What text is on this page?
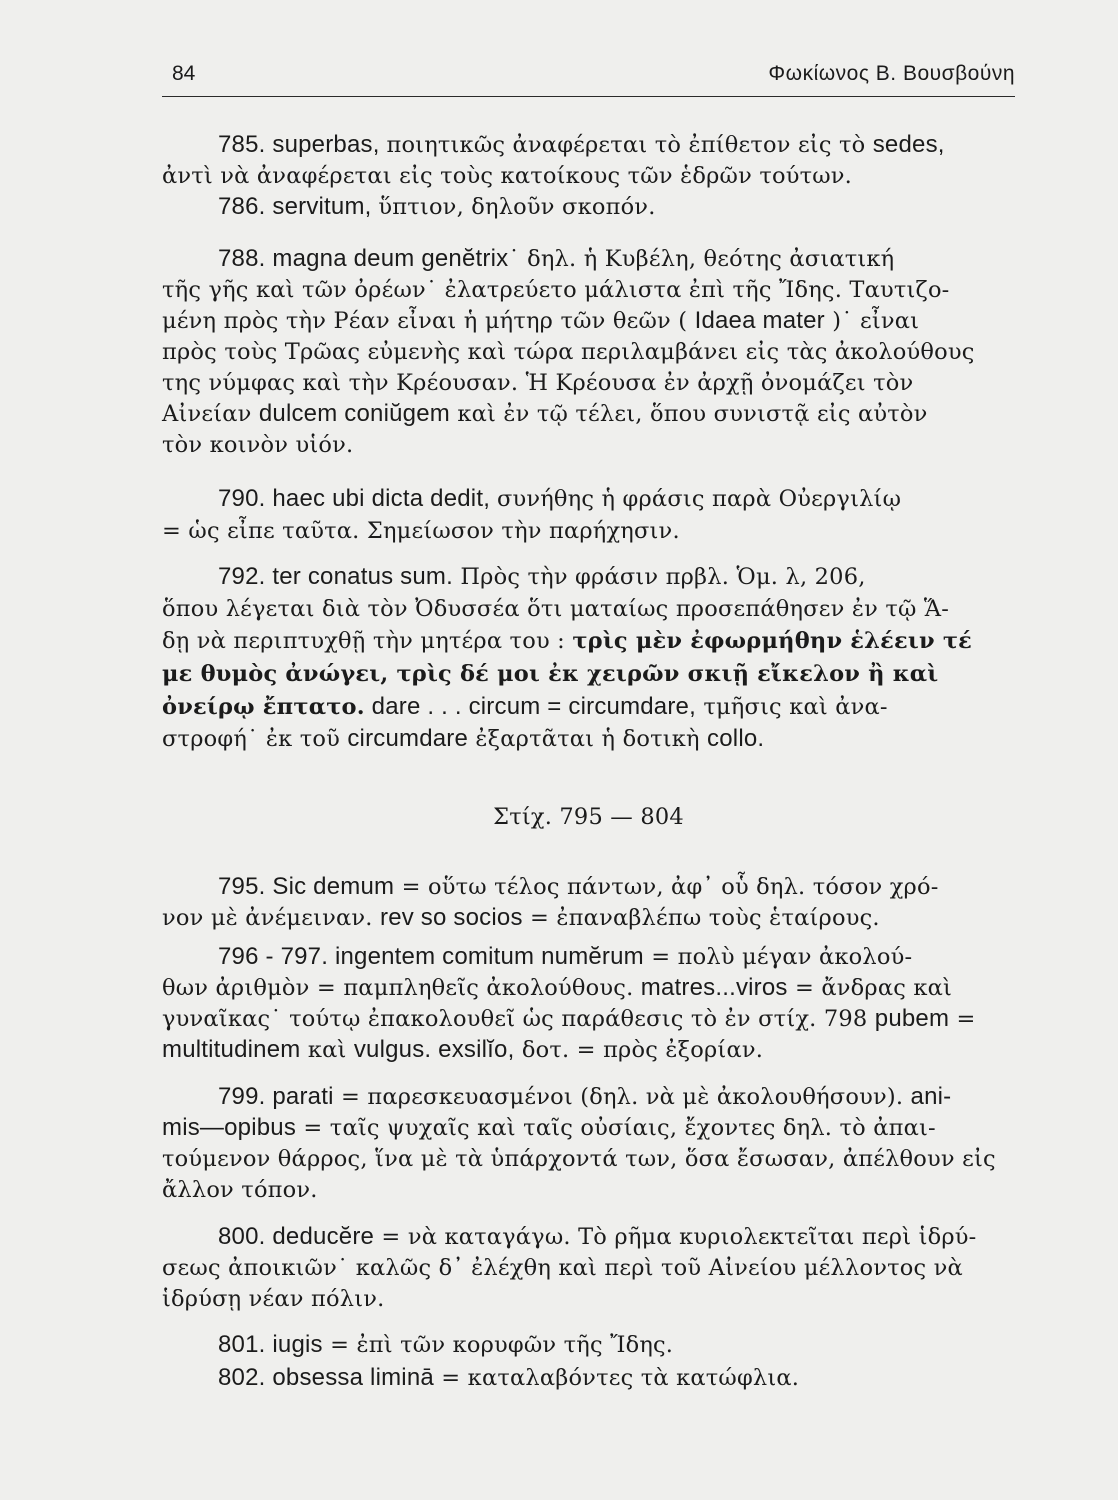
84	Φωκίωνος Β. Βουσβούνη
785. superbas, ποιητικῶς ἀναφέρεται τὸ ἐπίθετον εἰς τὸ sedes,
ἀντὶ νὰ ἀναφέρεται εἰς τοὺς κατοίκους τῶν ἑδρῶν τούτων.
786. servitum, ὕπτιον, δηλοῦν σκοπόν.
788. magna deum genĕtrix˙ δηλ. ἡ Κυβέλη, θεότης ἀσιατική
τῆς γῆς καὶ τῶν ὀρέων˙ ἐλατρεύετο μάλιστα ἐπὶ τῆς Ἴδης. Ταυτιζο-
μένη πρὸς τὴν Ρέαν εἶναι ἡ μήτηρ τῶν θεῶν ( Idaea mater )˙ εἶναι
πρὸς τοὺς Τρῶας εὐμενὴς καὶ τώρα περιλαμβάνει εἰς τὰς ἀκολούθους
της νύμφας καὶ τὴν Κρέουσαν. Ἡ Κρέουσα ἐν ἀρχῇ ὀνομάζει τὸν
Αἰνείαν dulcem coniŭgem καὶ ἐν τῷ τέλει, ὅπου συνιστᾷ εἰς αὐτὸν
τὸν κοινὸν υἱόν.
790. haec ubi dicta dedit, συνήθης ἡ φράσις παρὰ Οὐεργιλίῳ
= ὡς εἶπε ταῦτα. Σημείωσον τὴν παρήχησιν.
792. ter conatus sum. Πρὸς τὴν φράσιν πρβλ. Ὁμ. λ, 206,
ὅπου λέγεται διὰ τὸν Ὀδυσσέα ὅτι ματαίως προσεπάθησεν ἐν τῷ Ἅ-
δῃ νὰ περιπτυχθῇ τὴν μητέρα του : τρὶς μὲν ἐφωρμήθην ἑλέειν τέ
με θυμὸς ἀνώγει, τρὶς δέ μοι ἐκ χειρῶν σκιῇ εἴκελον ἢ καὶ
ὀνείρῳ ἔπτατο. dare . . . circum = circumdare, τμῆσις καὶ ἀνα-
στροφή˙ ἐκ τοῦ circumdare ἐξαρτᾶται ἡ δοτικὴ collo.
Στίχ. 795 — 804
795. Sic demum = οὕτω τέλος πάντων, ἀφ᾽ οὗ δηλ. τόσον χρό-
νον μὲ ἀνέμειναν. rev so socios = ἐπαναβλέπω τοὺς ἑταίρους.
796 - 797. ingentem comitum numĕrum = πολὺ μέγαν ἀκολού-
θων ἀριθμὸν = παμπληθεῖς ἀκολούθους. matres...viros = ἄνδρας καὶ
γυναῖκας˙ τούτῳ ἐπακολουθεῖ ὡς παράθεσις τὸ ἐν στίχ. 798 pubem =
multitudinem καὶ vulgus. exsilĭo, δοτ. = πρὸς ἐξορίαν.
799. parati = παρεσκευασμένοι (δηλ. νὰ μὲ ἀκολουθήσουν). ani-
mis—opibus = ταῖς ψυχαῖς καὶ ταῖς οὐσίαις, ἔχοντες δηλ. τὸ ἀπαι-
τούμενον θάρρος, ἵνα μὲ τὰ ὑπάρχοντά των, ὅσα ἔσωσαν, ἀπέλθουν εἰς
ἄλλον τόπον.
800. deducĕre = νὰ καταγάγω. Τὸ ρῆμα κυριολεκτεῖται περὶ ἱδρύ-
σεως ἀποικιῶν˙ καλῶς δ᾽ ἐλέχθη καὶ περὶ τοῦ Αἰνείου μέλλοντος νὰ
ἱδρύσῃ νέαν πόλιν.
801. iugis = ἐπὶ τῶν κορυφῶν τῆς Ἴδης.
802. obsessa liminā = καταλαβόντες τὰ κατώφλια.
